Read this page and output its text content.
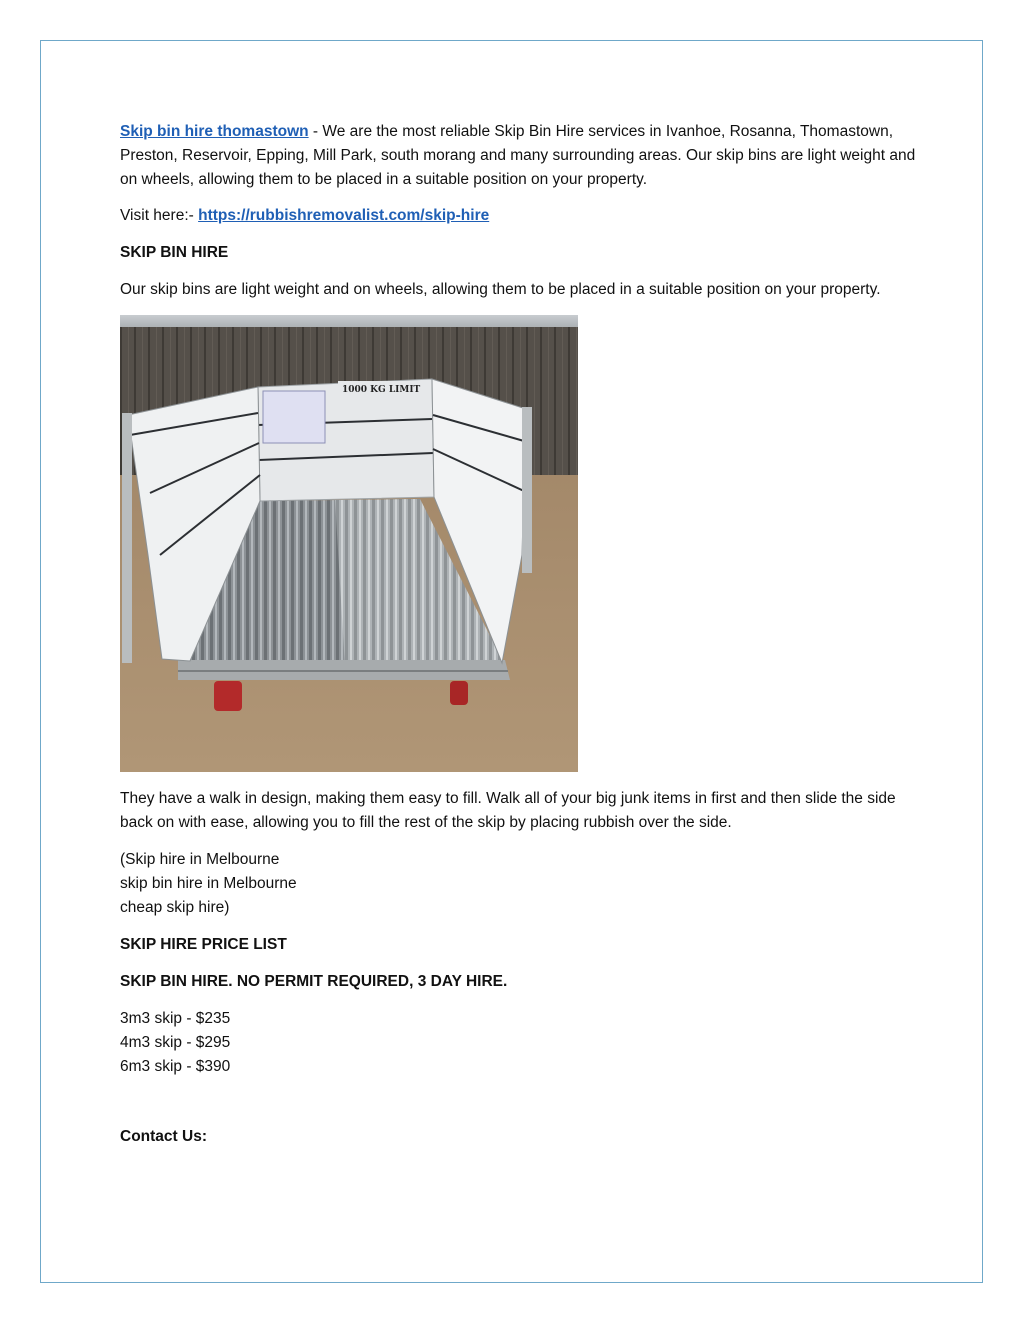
Skip bin hire thomastown - We are the most reliable Skip Bin Hire services in Ivanhoe, Rosanna, Thomastown, Preston, Reservoir, Epping, Mill Park, south morang and many surrounding areas. Our skip bins are light weight and on wheels, allowing them to be placed in a suitable position on your property.

Visit here:- https://rubbishremovalist.com/skip-hire

SKIP BIN HIRE

Our skip bins are light weight and on wheels, allowing them to be placed in a suitable position on your property.

1000 KG LIMIT

They have a walk in design, making them easy to fill. Walk all of your big junk items in first and then slide the side back on with ease, allowing you to fill the rest of the skip by placing rubbish over the side.

(Skip hire in Melbourne
skip bin hire in Melbourne
cheap skip hire)

SKIP HIRE PRICE LIST

SKIP BIN HIRE. NO PERMIT REQUIRED, 3 DAY HIRE.

3m3 skip - $235

4m3 skip - $295

6m3 skip - $390

Contact Us:
